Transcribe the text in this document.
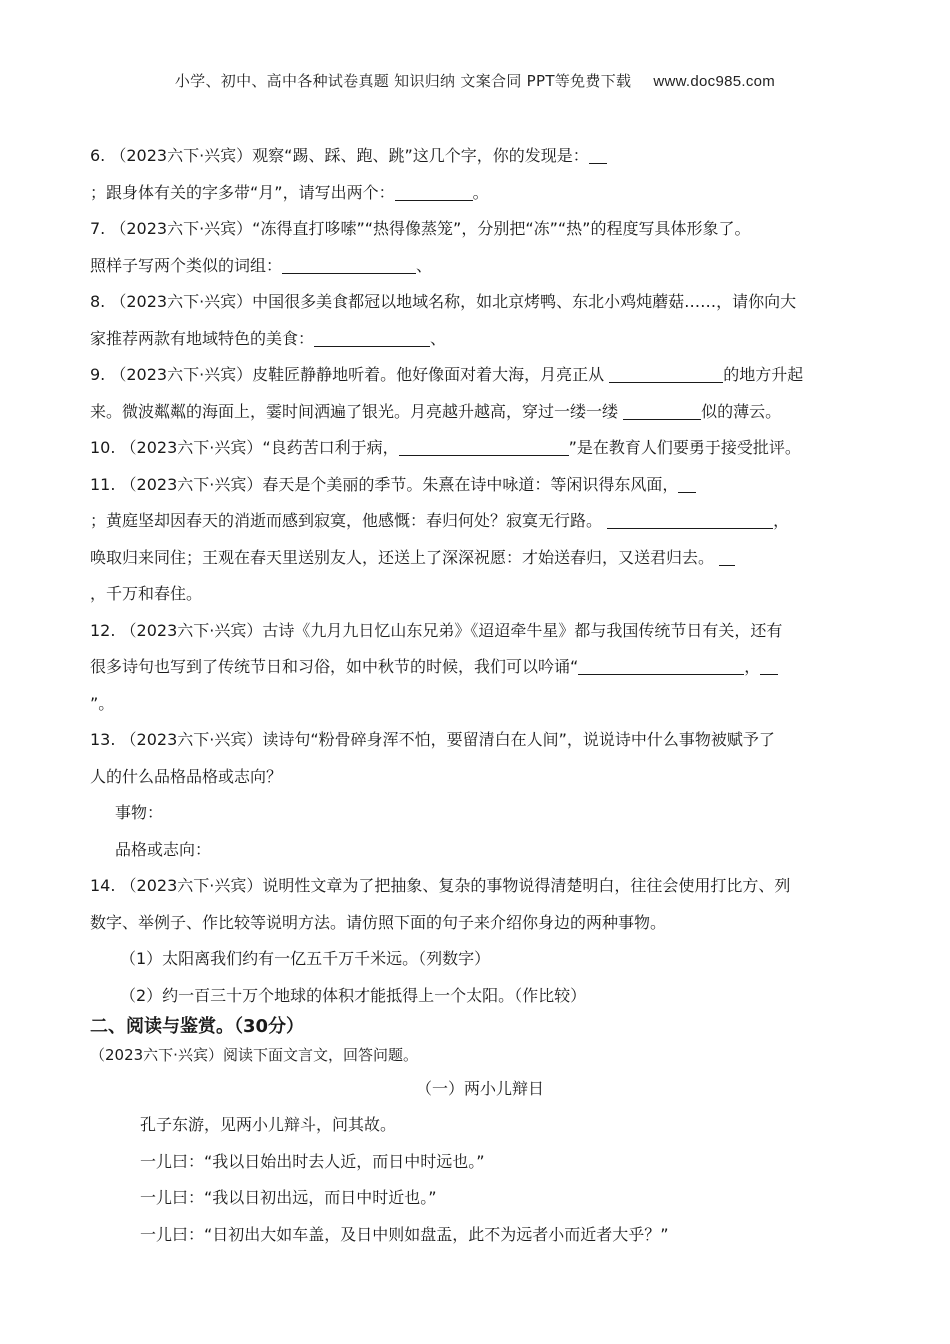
小学、初中、高中各种试卷真题 知识归纳 文案合同 PPT等免费下载 www.doc985.com
6. （2023六下·兴宾）观察“踢、踩、跑、跳”这几个字，你的发现是：
；跟身体有关的字多带“月”，请写出两个：	。
7. （2023六下·兴宾）“冻得直打哆嗦”“热得像蒸笼”，分别把“冻”“热”的程度写具体形象了。
照样子写两个类似的词组：	、
8. （2023六下·兴宾）中国很多美食都冠以地域名称，如北京烤鸭、东北小鸡炖蘑菇……，请你向大
家推荐两款有地域特色的美食：	、
9. （2023六下·兴宾）皮鞋匠静静地听着。他好像面对着大海，月亮正从	的地方升起
来。微波粼粼的海面上，霎时间洒遍了银光。月亮越升越高，穿过一缕一缕	似的薄云。
10. （2023六下·兴宾）“良药苦口利于病，	”是在教育人们要勇于接受批评。
11. （2023六下·兴宾）春天是个美丽的季节。朱熹在诗中咏道：等闲识得东风面，
；黄庭坚却因春天的消逝而感到寂寞，他感慨：春归何处？寂寞无行路。	，
唤取归来同住；王观在春天里送别友人，还送上了深深祝愿：才始送春归，又送君归去。
，千万和春住。
12. （2023六下·兴宾）古诗《九月九日忆山东兄弟》《迢迢牵牛星》都与我国传统节日有关，还有
很多诗句也写到了传统节日和习俗，如中秋节的时候，我们可以吟诵“	，
”。
13. （2023六下·兴宾）读诗句“粉骨碎身浑不怕，要留清白在人间”，说说诗中什么事物被赋予了
人的什么品格品格或志向？
事物：
品格或志向：
14. （2023六下·兴宾）说明性文章为了把抽象、复杂的事物说得清楚明白，往往会使用打比方、列
数字、举例子、作比较等说明方法。请仿照下面的句子来介绍你身边的两种事物。
（1）太阳离我们约有一亿五千万千米远。（列数字）
（2）约一百三十万个地球的体积才能抵得上一个太阳。（作比较）
二、阅读与鉴赏。（30分）
（2023六下·兴宾）阅读下面文言文，回答问题。
（一）两小儿辩日
孔子东游，见两小儿辩斗，问其故。
一儿曰：“我以日始出时去人近，而日中时远也。”
一儿曰：“我以日初出远，而日中时近也。”
一儿曰：“日初出大如车盖，及日中则如盘盂，此不为远者小而近者大乎？”
